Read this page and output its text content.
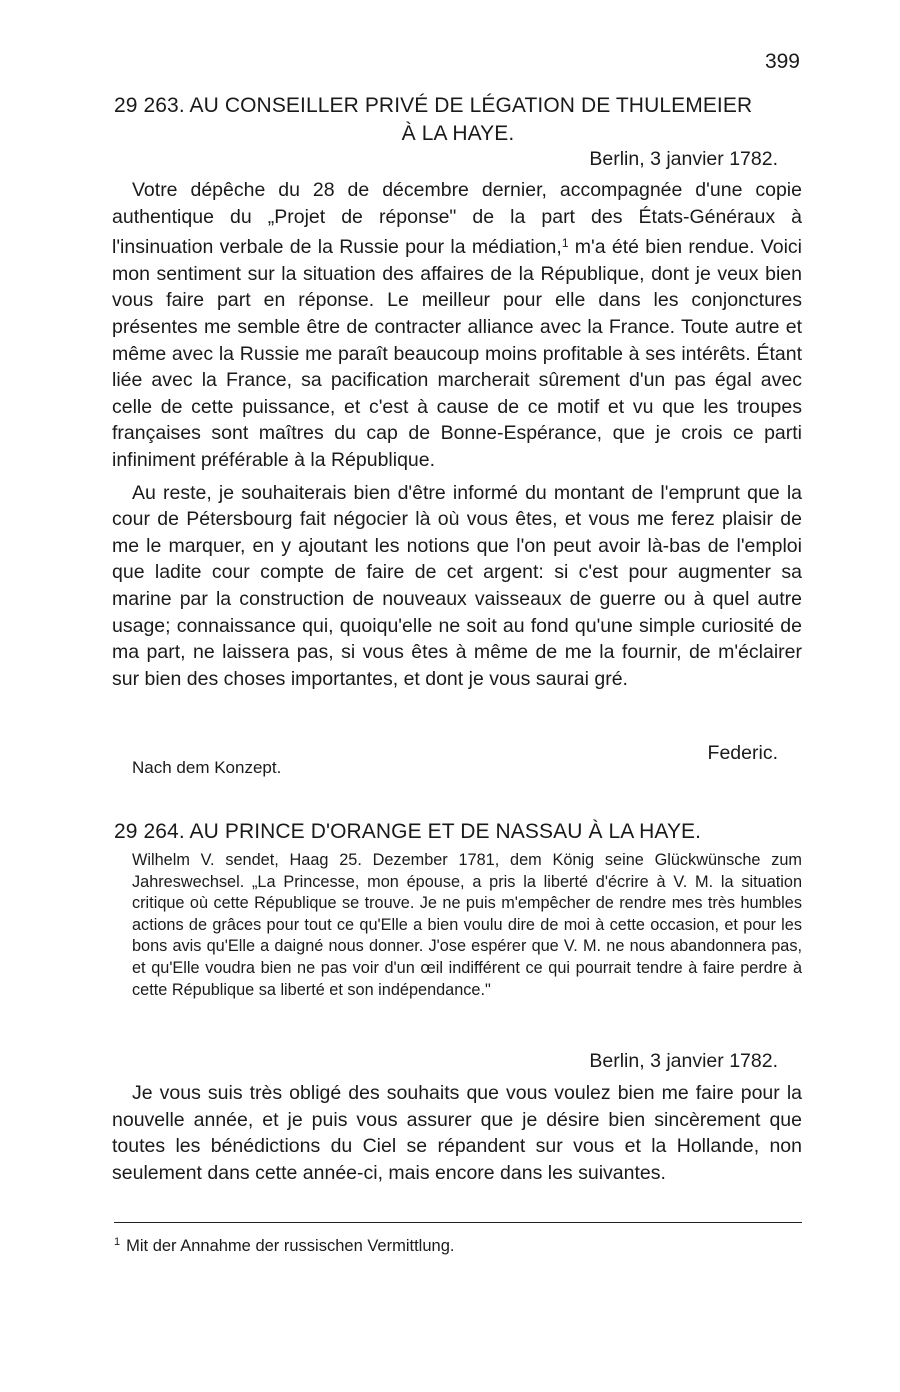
399
29 263. AU CONSEILLER PRIVÉ DE LÉGATION DE THULEMEIER
À LA HAYE.
Berlin, 3 janvier 1782.

Votre dépêche du 28 de décembre dernier, accompagnée d'une copie authentique du „Projet de réponse" de la part des États-Généraux à l'insinuation verbale de la Russie pour la médiation,$^1$ m'a été bien rendue. Voici mon sentiment sur la situation des affaires de la République, dont je veux bien vous faire part en réponse. Le meilleur pour elle dans les conjonctures présentes me semble être de contracter alliance avec la France. Toute autre et même avec la Russie me paraît beaucoup moins profitable à ses intérêts. Étant liée avec la France, sa pacification marcherait sûrement d'un pas égal avec celle de cette puissance, et c'est à cause de ce motif et vu que les troupes françaises sont maîtres du cap de Bonne-Espérance, que je crois ce parti infiniment préférable à la République.

Au reste, je souhaiterais bien d'être informé du montant de l'emprunt que la cour de Pétersbourg fait négocier là où vous êtes, et vous me ferez plaisir de me le marquer, en y ajoutant les notions que l'on peut avoir là-bas de l'emploi que ladite cour compte de faire de cet argent: si c'est pour augmenter sa marine par la construction de nouveaux vaisseaux de guerre ou à quel autre usage; connaissance qui, quoiqu'elle ne soit au fond qu'une simple curiosité de ma part, ne laissera pas, si vous êtes à même de me la fournir, de m'éclairer sur bien des choses importantes, et dont je vous saurai gré.

Federic.
Nach dem Konzept.
29 264. AU PRINCE D'ORANGE ET DE NASSAU À LA HAYE.
Wilhelm V. sendet, Haag 25. Dezember 1781, dem König seine Glückwünsche zum Jahreswechsel. „La Princesse, mon épouse, a pris la liberté d'écrire à V. M. la situation critique où cette République se trouve. Je ne puis m'empêcher de rendre mes très humbles actions de grâces pour tout ce qu'Elle a bien voulu dire de moi à cette occasion, et pour les bons avis qu'Elle a daigné nous donner. J'ose espérer que V. M. ne nous abandonnera pas, et qu'Elle voudra bien ne pas voir d'un œil indifférent ce qui pourrait tendre à faire perdre à cette République sa liberté et son indépendance."
Berlin, 3 janvier 1782.

Je vous suis très obligé des souhaits que vous voulez bien me faire pour la nouvelle année, et je puis vous assurer que je désire bien sincèrement que toutes les bénédictions du Ciel se répandent sur vous et la Hollande, non seulement dans cette année-ci, mais encore dans les suivantes.

$^1$ Mit der Annahme der russischen Vermittlung.
